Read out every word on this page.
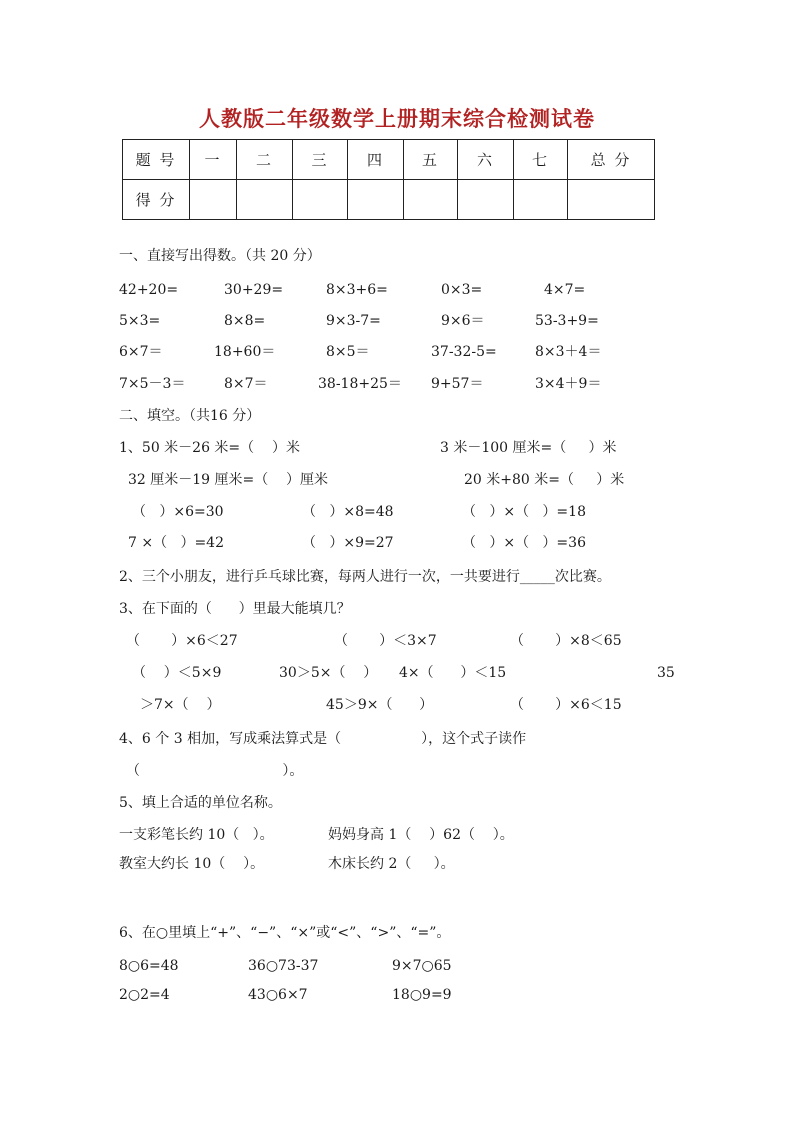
人教版二年级数学上册期末综合检测试卷
题 号	一	二	三	四	五	六	七	总 分
得 分								
一、直接写出得数。（共 20 分）
42+20=	30+29=	8×3+6=	0×3=	4×7=
5×3=	8×8=	9×3-7=	9×6＝	53-3+9=
6×7＝	18+60＝	8×5＝	37-32-5=	8×3＋4＝
7×5－3＝	8×7＝	38-18+25＝ 9+57＝	3×4＋9＝
二、填空。（共16 分）
1、50 米－26 米=（    ）米	3 米－100 厘米=（     ）米
32 厘米－19 厘米=（    ）厘米	20 米+80 米=（     ）米
（   ）×6=30	（   ）×8=48	（   ）×（   ）=18
7 ×（   ）=42	（   ）×9=27	（   ）×（   ）=36
2、三个小朋友，进行乒乓球比赛，每两人进行一次，一共要进行_____次比赛。
3、在下面的（      ）里最大能填几？
（       ）×6＜27	（       ）＜3×7	（       ）×8＜65
（    ）＜5×9	30＞5×（    ） 4×（      ）＜15	35
＞7×（    ）	45＞9×（      ）	（       ）×6＜15
4、6 个 3 相加，写成乘法算式是（                  ），这个式子读作
（                                ）。
5、填上合适的单位名称。
一支彩笔长约 10（   ）。	妈妈身高 1（    ）62（    ）。
教室大约长 10（    ）。	木床长约 2（     ）。
6、在○里填上“+”、“−”、“×”或“<”、“>”、“=”。
8○6=48	36○73-37	9×7○65
2○2=4	43○6×7	18○9=9
